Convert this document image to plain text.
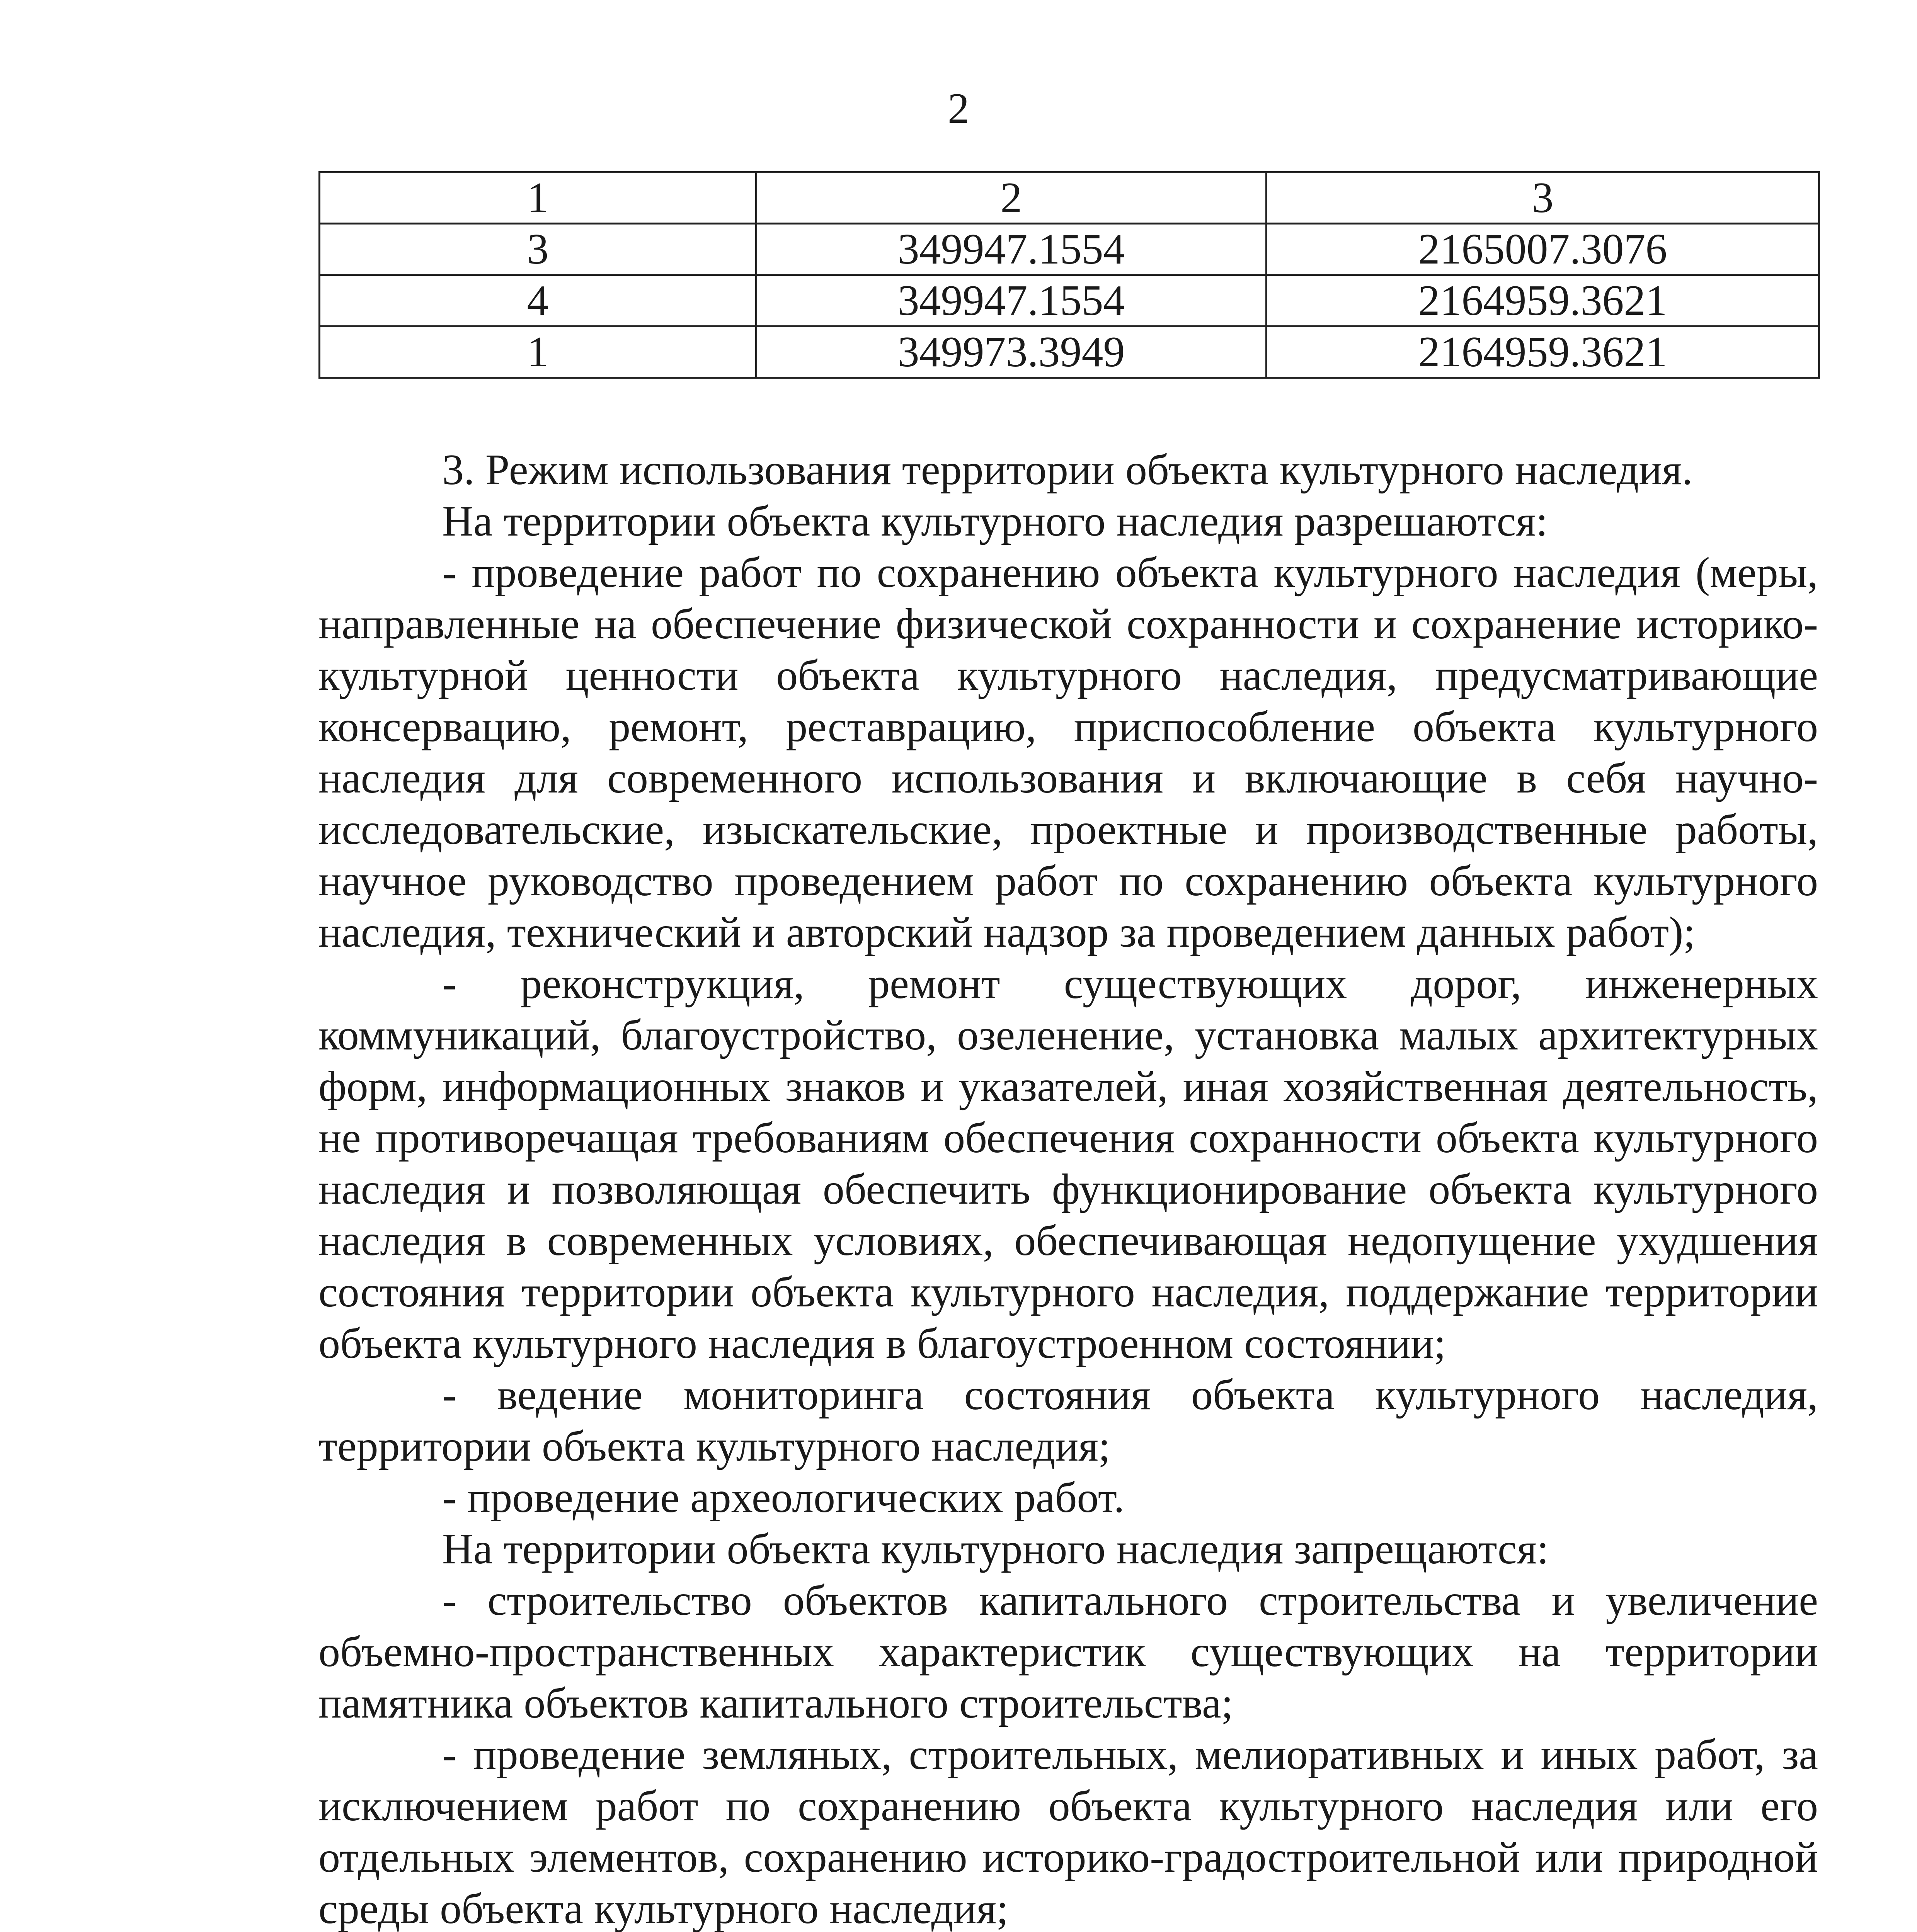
2
1	2	3
3	349947.1554	2165007.3076
4	349947.1554	2164959.3621
1	349973.3949	2164959.3621

3. Режим использования территории объекта культурного наследия.

На территории объекта культурного наследия разрешаются:

- проведение работ по сохранению объекта культурного наследия (меры, направленные на обеспечение физической сохранности и сохранение историко-культурной ценности объекта культурного наследия, предусматривающие консервацию, ремонт, реставрацию, приспособление объекта культурного наследия для современного использования и включающие в себя научно-исследовательские, изыскательские, проектные и производственные работы, научное руководство проведением работ по сохранению объекта культурного наследия, технический и авторский надзор за проведением данных работ);

- реконструкция, ремонт существующих дорог, инженерных коммуникаций, благоустройство, озеленение, установка малых архитектурных форм, информационных знаков и указателей, иная хозяйственная деятельность, не противоречащая требованиям обеспечения сохранности объекта культурного наследия и позволяющая обеспечить функционирование объекта культурного наследия в современных условиях, обеспечивающая недопущение ухудшения состояния территории объекта культурного наследия, поддержание территории объекта культурного наследия в благоустроенном состоянии;

- ведение мониторинга состояния объекта культурного наследия, территории объекта культурного наследия;

- проведение археологических работ.

На территории объекта культурного наследия запрещаются:

- строительство объектов капитального строительства и увеличение объемно-пространственных характеристик существующих на территории памятника объектов капитального строительства;

- проведение земляных, строительных, мелиоративных и иных работ, за исключением работ по сохранению объекта культурного наследия или его отдельных элементов, сохранению историко-градостроительной или природной среды объекта культурного наследия;
